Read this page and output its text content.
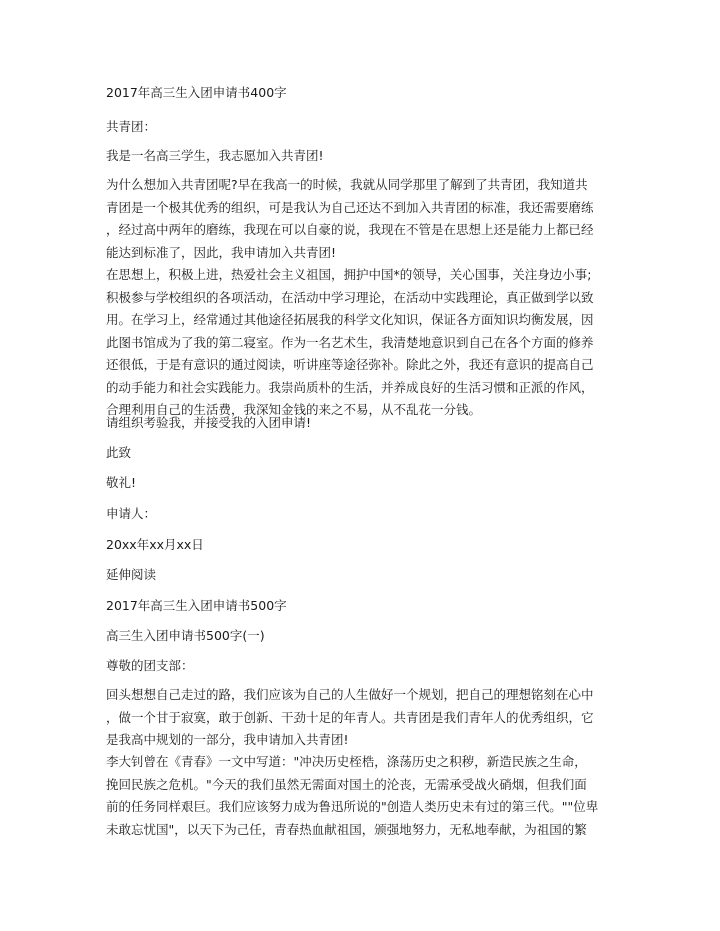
2017年高三生入团申请书400字
共青团：
我是一名高三学生，我志愿加入共青团!

为什么想加入共青团呢?早在我高一的时候，我就从同学那里了解到了共青团，我知道共

青团是一个极其优秀的组织，可是我认为自己还达不到加入共青团的标准，我还需要磨练

，经过高中两年的磨练，我现在可以自豪的说，我现在不管是在思想上还是能力上都已经

能达到标准了，因此，我申请加入共青团!

在思想上，积极上进，热爱社会主义祖国，拥护中国*的领导，关心国事，关注身边小事;

积极参与学校组织的各项活动，在活动中学习理论，在活动中实践理论，真正做到学以致

用。在学习上，经常通过其他途径拓展我的科学文化知识，保证各方面知识均衡发展，因

此图书馆成为了我的第二寝室。作为一名艺术生，我清楚地意识到自己在各个方面的修养

还很低，于是有意识的通过阅读，听讲座等途径弥补。除此之外，我还有意识的提高自己

的动手能力和社会实践能力。我崇尚质朴的生活，并养成良好的生活习惯和正派的作风，

合理利用自己的生活费，我深知金钱的来之不易，从不乱花一分钱。

请组织考验我，并接受我的入团申请!
此致
敬礼!
申请人：
20xx年xx月xx日
延伸阅读
2017年高三生入团申请书500字
高三生入团申请书500字(一)
尊敬的团支部：

回头想想自己走过的路，我们应该为自己的人生做好一个规划，把自己的理想铭刻在心中

，做一个甘于寂寞，敢于创新、干劲十足的年青人。共青团是我们青年人的优秀组织，它

是我高中规划的一部分，我申请加入共青团!

李大钊曾在《青春》一文中写道："冲决历史桎梏，涤荡历史之积秽，新造民族之生命，

挽回民族之危机。"今天的我们虽然无需面对国土的沦丧，无需承受战火硝烟，但我们面

前的任务同样艰巨。我们应该努力成为鲁迅所说的"创造人类历史未有过的第三代。""位卑

未敢忘忧国"，以天下为己任，青春热血献祖国，颁强地努力，无私地奉献，为祖国的繁
